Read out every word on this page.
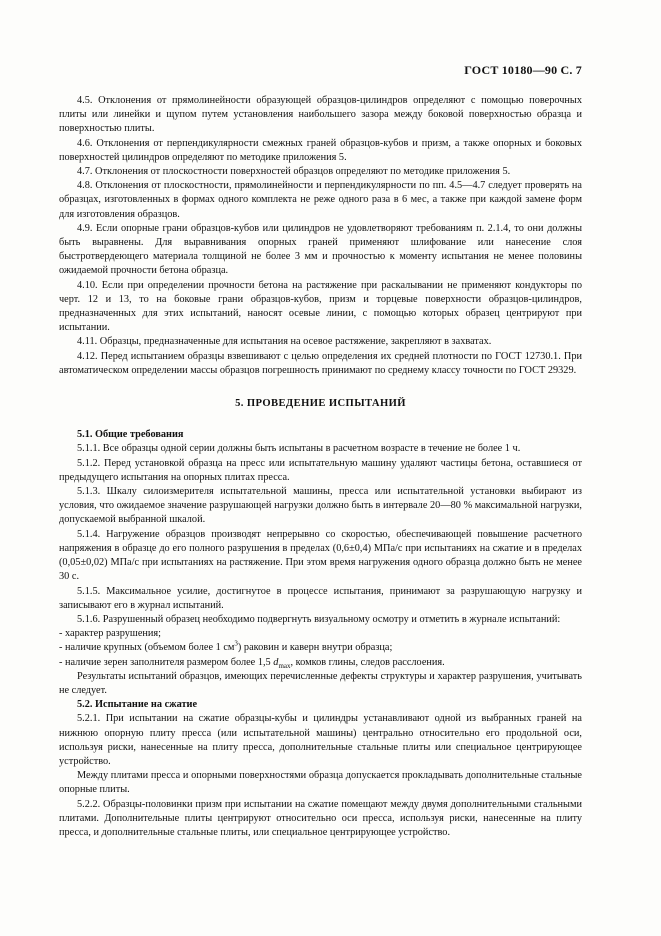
ГОСТ 10180—90 С. 7

4.5. Отклонения от прямолинейности образующей образцов-цилиндров определяют с помощью поверочных плиты или линейки и щупом путем установления наибольшего зазора между боковой поверхностью образца и поверхностью плиты.

4.6. Отклонения от перпендикулярности смежных граней образцов-кубов и призм, а также опорных и боковых поверхностей цилиндров определяют по методике приложения 5.

4.7. Отклонения от плоскостности поверхностей образцов определяют по методике приложения 5.

4.8. Отклонения от плоскостности, прямолинейности и перпендикулярности по пп. 4.5—4.7 следует проверять на образцах, изготовленных в формах одного комплекта не реже одного раза в 6 мес, а также при каждой замене форм для изготовления образцов.

4.9. Если опорные грани образцов-кубов или цилиндров не удовлетворяют требованиям п. 2.1.4, то они должны быть выравнены. Для выравнивания опорных граней применяют шлифование или нанесение слоя быстротвердеющего материала толщиной не более 3 мм и прочностью к моменту испытания не менее половины ожидаемой прочности бетона образца.

4.10. Если при определении прочности бетона на растяжение при раскалывании не применяют кондукторы по черт. 12 и 13, то на боковые грани образцов-кубов, призм и торцевые поверхности образцов-цилиндров, предназначенных для этих испытаний, наносят осевые линии, с помощью которых образец центрируют при испытании.

4.11. Образцы, предназначенные для испытания на осевое растяжение, закрепляют в захватах.

4.12. Перед испытанием образцы взвешивают с целью определения их средней плотности по ГОСТ 12730.1. При автоматическом определении массы образцов погрешность принимают по среднему классу точности по ГОСТ 29329.

5. ПРОВЕДЕНИЕ ИСПЫТАНИЙ

5.1. Общие требования

5.1.1. Все образцы одной серии должны быть испытаны в расчетном возрасте в течение не более 1 ч.

5.1.2. Перед установкой образца на пресс или испытательную машину удаляют частицы бетона, оставшиеся от предыдущего испытания на опорных плитах пресса.

5.1.3. Шкалу силоизмерителя испытательной машины, пресса или испытательной установки выбирают из условия, что ожидаемое значение разрушающей нагрузки должно быть в интервале 20—80 % максимальной нагрузки, допускаемой выбранной шкалой.

5.1.4. Нагружение образцов производят непрерывно со скоростью, обеспечивающей повышение расчетного напряжения в образце до его полного разрушения в пределах (0,6±0,4) МПа/с при испытаниях на сжатие и в пределах (0,05±0,02) МПа/с при испытаниях на растяжение. При этом время нагружения одного образца должно быть не менее 30 с.

5.1.5. Максимальное усилие, достигнутое в процессе испытания, принимают за разрушающую нагрузку и записывают его в журнал испытаний.

5.1.6. Разрушенный образец необходимо подвергнуть визуальному осмотру и отметить в журнале испытаний:

- характер разрушения;

- наличие крупных (объемом более 1 $см^3$) раковин и каверн внутри образца;

- наличие зерен заполнителя размером более 1,5 $d_{max}$, комков глины, следов расслоения.

Результаты испытаний образцов, имеющих перечисленные дефекты структуры и характер разрушения, учитывать не следует.

5.2. Испытание на сжатие

5.2.1. При испытании на сжатие образцы-кубы и цилиндры устанавливают одной из выбранных граней на нижнюю опорную плиту пресса (или испытательной машины) центрально относительно его продольной оси, используя риски, нанесенные на плиту пресса, дополнительные стальные плиты или специальное центрирующее устройство.

Между плитами пресса и опорными поверхностями образца допускается прокладывать дополнительные стальные опорные плиты.

5.2.2. Образцы-половинки призм при испытании на сжатие помещают между двумя дополнительными стальными плитами. Дополнительные плиты центрируют относительно оси пресса, используя риски, нанесенные на плиту пресса, и дополнительные стальные плиты, или специальное центрирующее устройство.
